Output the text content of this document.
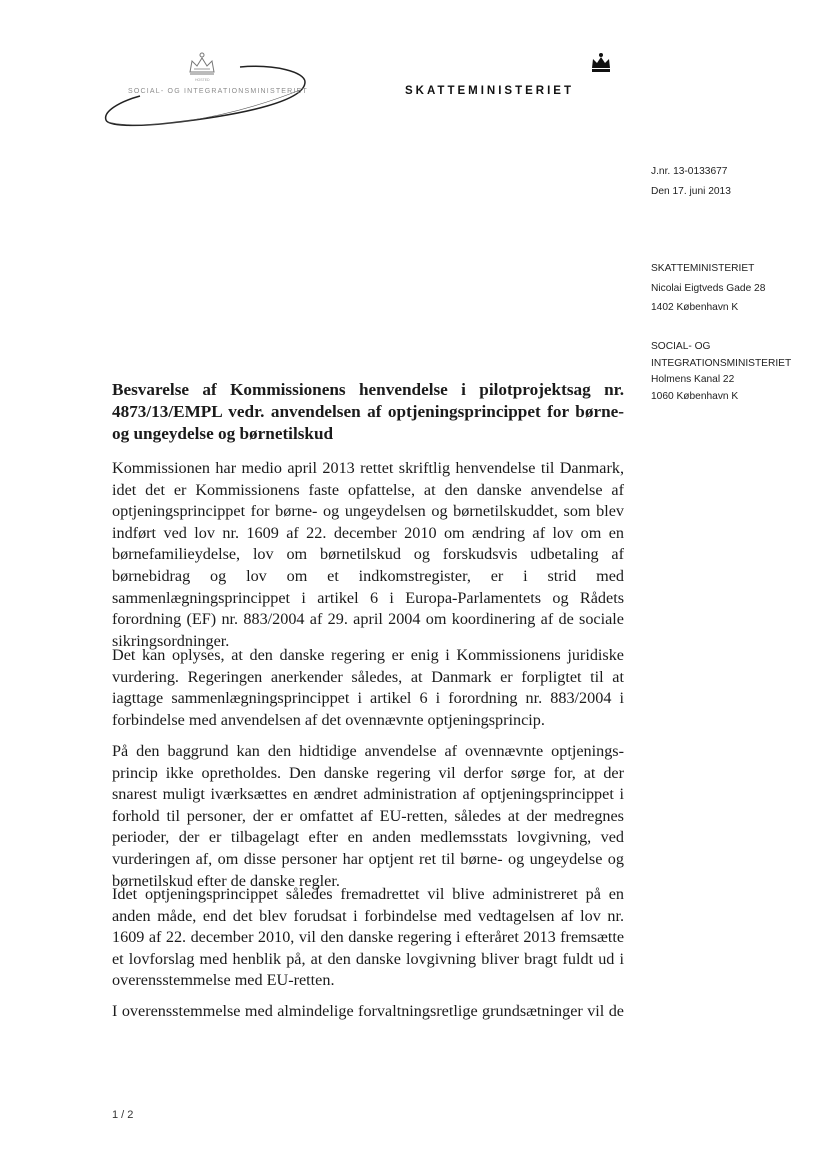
HOSTED
SOCIAL- OG INTEGRATIONSMINISTERIET	SKATTEMINISTERIET
J.nr. 13-0133677
Den 17. juni 2013
SKATTEMINISTERIET
Nicolai Eigtveds Gade 28
1402 København K
SOCIAL- OG
INTEGRATIONSMINISTERIET
Holmens Kanal 22
1060 København K
Besvarelse af Kommissionens henvendelse i pilotprojektsag nr. 4873/13/EMPL vedr. anvendelsen af optjeningsprincippet for børne- og ungeydelse og børnetilskud

Kommissionen har medio april 2013 rettet skriftlig henvendelse til Danmark, idet det er Kommissionens faste opfattelse, at den danske anvendelse af optjeningsprincippet for børne- og ungeydelsen og børnetilskuddet, som blev indført ved lov nr. 1609 af 22. december 2010 om ændring af lov om en børnefamilieydelse, lov om børnetilskud og forskudsvis udbetaling af børnebidrag og lov om et indkomstregister, er i strid med sammenlægningsprincippet i artikel 6 i Europa-Parlamentets og Rådets forordning (EF) nr. 883/2004 af 29. april 2004 om koordinering af de sociale sikringsordninger.

Det kan oplyses, at den danske regering er enig i Kommissionens juridiske vurdering. Regeringen anerkender således, at Danmark er forpligtet til at iagttage sammenlægningsprincippet i artikel 6 i forordning nr. 883/2004 i forbindelse med anvendelsen af det ovennævnte optjeningsprincip.

På den baggrund kan den hidtidige anvendelse af ovennævnte optjenings-princip ikke opretholdes. Den danske regering vil derfor sørge for, at der snarest muligt iværksættes en ændret administration af optjeningsprincippet i forhold til personer, der er omfattet af EU-retten, således at der medregnes perioder, der er tilbagelagt efter en anden medlemsstats lovgivning, ved vurderingen af, om disse personer har optjent ret til børne- og ungeydelse og børnetilskud efter de danske regler.

Idet optjeningsprincippet således fremadrettet vil blive administreret på en anden måde, end det blev forudsat i forbindelse med vedtagelsen af lov nr. 1609 af 22. december 2010, vil den danske regering i efteråret 2013 fremsætte et lovforslag med henblik på, at den danske lovgivning bliver bragt fuldt ud i overensstemmelse med EU-retten.

I overensstemmelse med almindelige forvaltningsretlige grundsætninger vil de

1 / 2
